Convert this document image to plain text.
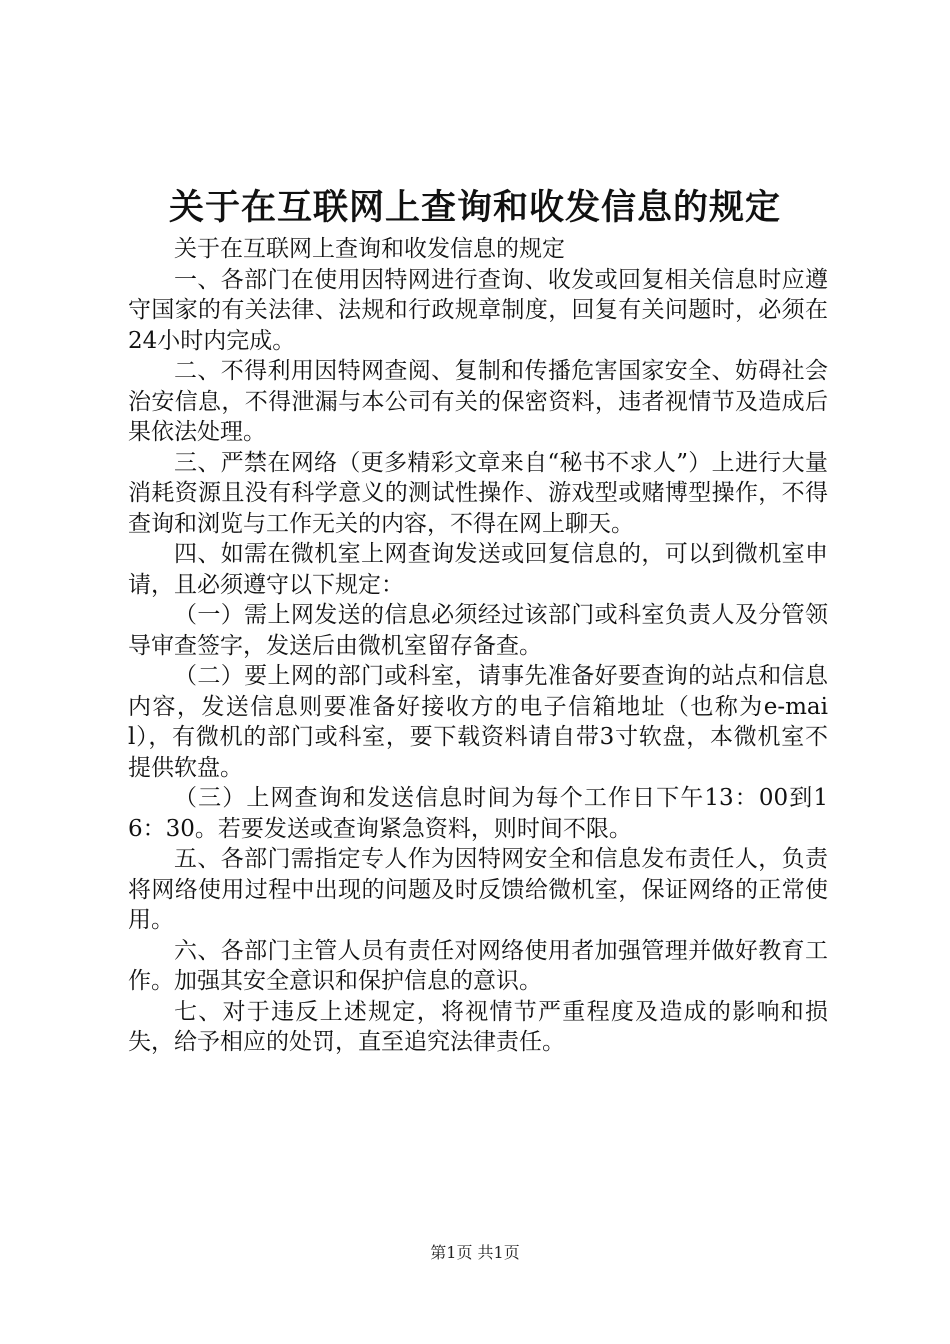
关于在互联网上查询和收发信息的规定

关于在互联网上查询和收发信息的规定

一、各部门在使用因特网进行查询、收发或回复相关信息时应遵守国家的有关法律、法规和行政规章制度，回复有关问题时，必须在24小时内完成。

二、不得利用因特网查阅、复制和传播危害国家安全、妨碍社会治安信息，不得泄漏与本公司有关的保密资料，违者视情节及造成后果依法处理。

三、严禁在网络（更多精彩文章来自“秘书不求人”）上进行大量消耗资源且没有科学意义的测试性操作、游戏型或赌博型操作，不得查询和浏览与工作无关的内容，不得在网上聊天。

四、如需在微机室上网查询发送或回复信息的，可以到微机室申请，且必须遵守以下规定：

（一）需上网发送的信息必须经过该部门或科室负责人及分管领导审查签字，发送后由微机室留存备查。

（二）要上网的部门或科室，请事先准备好要查询的站点和信息内容，发送信息则要准备好接收方的电子信箱地址（也称为e-mail），有微机的部门或科室，要下载资料请自带3寸软盘，本微机室不提供软盘。

（三）上网查询和发送信息时间为每个工作日下午13：00到16：30。若要发送或查询紧急资料，则时间不限。

五、各部门需指定专人作为因特网安全和信息发布责任人，负责将网络使用过程中出现的问题及时反馈给微机室，保证网络的正常使用。

六、各部门主管人员有责任对网络使用者加强管理并做好教育工作。加强其安全意识和保护信息的意识。

七、对于违反上述规定，将视情节严重程度及造成的影响和损失，给予相应的处罚，直至追究法律责任。

第1页 共1页
